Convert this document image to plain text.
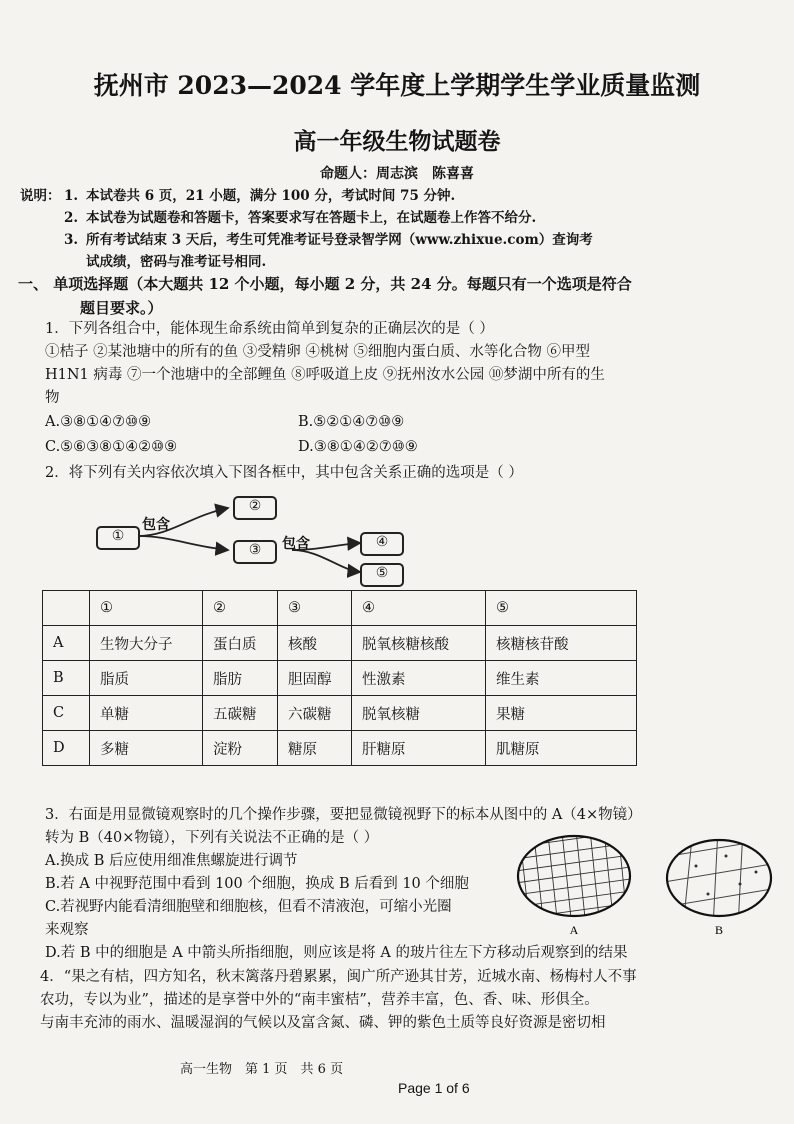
抚州市 2023—2024 学年度上学期学生学业质量监测
高一年级生物试题卷
命题人：周志滨　陈喜喜
说明： 1. 本试卷共 6 页，21 小题，满分 100 分，考试时间 75 分钟.
2. 本试卷为试题卷和答题卡，答案要求写在答题卡上，在试题卷上作答不给分.
3. 所有考试结束 3 天后，考生可凭准考证号登录智学网（www.zhixue.com）查询考
试成绩，密码与准考证号相同.
一、 单项选择题（本大题共 12 个小题，每小题 2 分，共 24 分。每题只有一个选项是符合
题目要求。）
1．下列各组合中，能体现生命系统由简单到复杂的正确层次的是（ ）
①桔子 ②某池塘中的所有的鱼 ③受精卵 ④桃树 ⑤细胞内蛋白质、水等化合物 ⑥甲型
H1N1 病毒 ⑦一个池塘中的全部鲤鱼 ⑧呼吸道上皮 ⑨抚州汝水公园 ⑩梦湖中所有的生
物
A.③⑧①④⑦⑩⑨	B.⑤②①④⑦⑩⑨
C.⑤⑥③⑧①④②⑩⑨	D.③⑧①④②⑦⑩⑨
2．将下列有关内容依次填入下图各框中，其中包含关系正确的选项是（ ）
①
②
③	④
⑤
包含
包含
	①	②	③	④	⑤
A	生物大分子	蛋白质	核酸	脱氧核糖核酸	核糖核苷酸
B	脂质	脂肪	胆固醇	性激素	维生素
C	单糖	五碳糖	六碳糖	脱氧核糖	果糖
D	多糖	淀粉	糖原	肝糖原	肌糖原
3．右面是用显微镜观察时的几个操作步骤，要把显微镜视野下的标本从图中的 A（4×物镜）
转为 B（40×物镜），下列有关说法不正确的是（ ）
A.换成 B 后应使用细准焦螺旋进行调节
B.若 A 中视野范围中看到 100 个细胞，换成 B 后看到 10 个细胞
C.若视野内能看清细胞壁和细胞核，但看不清液泡，可缩小光圈
来观察
D.若 B 中的细胞是 A 中箭头所指细胞，则应该是将 A 的玻片往左下方移动后观察到的结果
A	B
4．“果之有桔，四方知名，秋末篱落丹碧累累，闽广所产逊其甘芳，近城水南、杨梅村人不事
农功，专以为业”，描述的是享誉中外的“南丰蜜桔”，营养丰富，色、香、味、形俱全。
与南丰充沛的雨水、温暖湿润的气候以及富含氮、磷、钾的紫色土质等良好资源是密切相
高一生物　第 1 页　共 6 页
Page 1 of 6
